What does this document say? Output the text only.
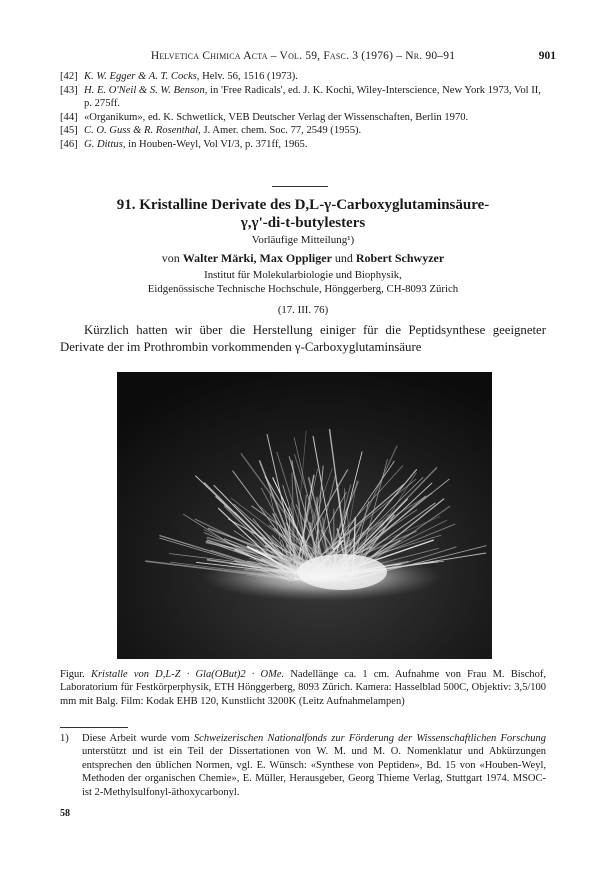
Helvetica Chimica Acta – Vol. 59, Fasc. 3 (1976) – Nr. 90–91	901
[42] K. W. Egger & A. T. Cocks, Helv. 56, 1516 (1973).
[43] H. E. O'Neil & S. W. Benson, in 'Free Radicals', ed. J. K. Kochi, Wiley-Interscience, New York 1973, Vol II, p. 275ff.
[44] «Organikum», ed. K. Schwetlick, VEB Deutscher Verlag der Wissenschaften, Berlin 1970.
[45] C. O. Guss & R. Rosenthal, J. Amer. chem. Soc. 77, 2549 (1955).
[46] G. Dittus, in Houben-Weyl, Vol VI/3, p. 371ff, 1965.
91. Kristalline Derivate des D,L-γ-Carboxyglutaminsäure-
γ,γ'-di-t-butylesters
Vorläufige Mitteilung¹)
von Walter Märki, Max Oppliger und Robert Schwyzer
Institut für Molekularbiologie und Biophysik,
Eidgenössische Technische Hochschule, Hönggerberg, CH-8093 Zürich
(17. III. 76)
Kürzlich hatten wir über die Herstellung einiger für die Peptidsynthese geeigneter Derivate der im Prothrombin vorkommenden γ-Carboxyglutaminsäure
Figur. Kristalle von D,L-Z · Gla(OBut)2 · OMe. Nadellänge ca. 1 cm. Aufnahme von Frau M. Bischof, Laboratorium für Festkörperphysik, ETH Hönggerberg, 8093 Zürich. Kamera: Hasselblad 500C, Objektiv: 3,5/100 mm mit Balg. Film: Kodak EHB 120, Kunstlicht 3200K (Leitz Aufnahmelampen)
1)	Diese Arbeit wurde vom Schweizerischen Nationalfonds zur Förderung der Wissenschaftlichen Forschung unterstützt und ist ein Teil der Dissertationen von W. M. und M. O. Nomenklatur und Abkürzungen entsprechen den üblichen Normen, vgl. E. Wünsch: «Synthese von Peptiden», Bd. 15 von «Houben-Weyl, Methoden der organischen Chemie», E. Müller, Herausgeber, Georg Thieme Verlag, Stuttgart 1974. MSOC- ist 2-Methylsulfonyl-äthoxycarbonyl.
58
